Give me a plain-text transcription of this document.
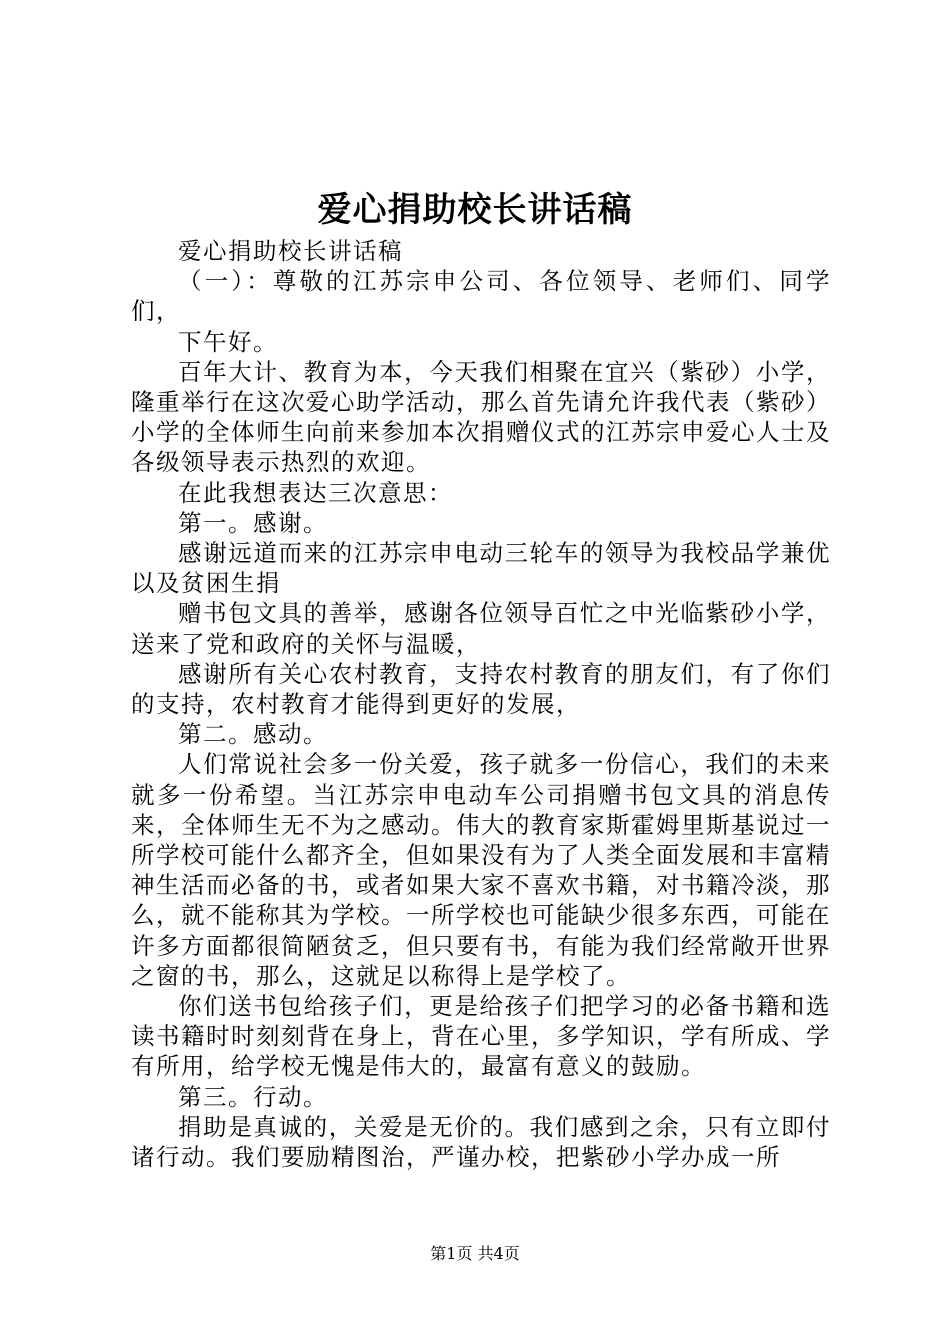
爱心捐助校长讲话稿

爱心捐助校长讲话稿

（一）：尊敬的江苏宗申公司、各位领导、老师们、同学们，

下午好。

百年大计、教育为本，今天我们相聚在宜兴（紫砂）小学，隆重举行在这次爱心助学活动，那么首先请允许我代表（紫砂）小学的全体师生向前来参加本次捐赠仪式的江苏宗申爱心人士及各级领导表示热烈的欢迎。

在此我想表达三次意思：

第一。感谢。

感谢远道而来的江苏宗申电动三轮车的领导为我校品学兼优以及贫困生捐

赠书包文具的善举，感谢各位领导百忙之中光临紫砂小学，送来了党和政府的关怀与温暖，

感谢所有关心农村教育，支持农村教育的朋友们，有了你们的支持，农村教育才能得到更好的发展，

第二。感动。

人们常说社会多一份关爱，孩子就多一份信心，我们的未来就多一份希望。当江苏宗申电动车公司捐赠书包文具的消息传来，全体师生无不为之感动。伟大的教育家斯霍姆里斯基说过一所学校可能什么都齐全，但如果没有为了人类全面发展和丰富精神生活而必备的书，或者如果大家不喜欢书籍，对书籍冷淡，那么，就不能称其为学校。一所学校也可能缺少很多东西，可能在许多方面都很简陋贫乏，但只要有书，有能为我们经常敞开世界之窗的书，那么，这就足以称得上是学校了。

你们送书包给孩子们，更是给孩子们把学习的必备书籍和选读书籍时时刻刻背在身上，背在心里，多学知识，学有所成、学有所用，给学校无愧是伟大的，最富有意义的鼓励。

第三。行动。

捐助是真诚的，关爱是无价的。我们感到之余，只有立即付诸行动。我们要励精图治，严谨办校，把紫砂小学办成一所

第1页 共4页
